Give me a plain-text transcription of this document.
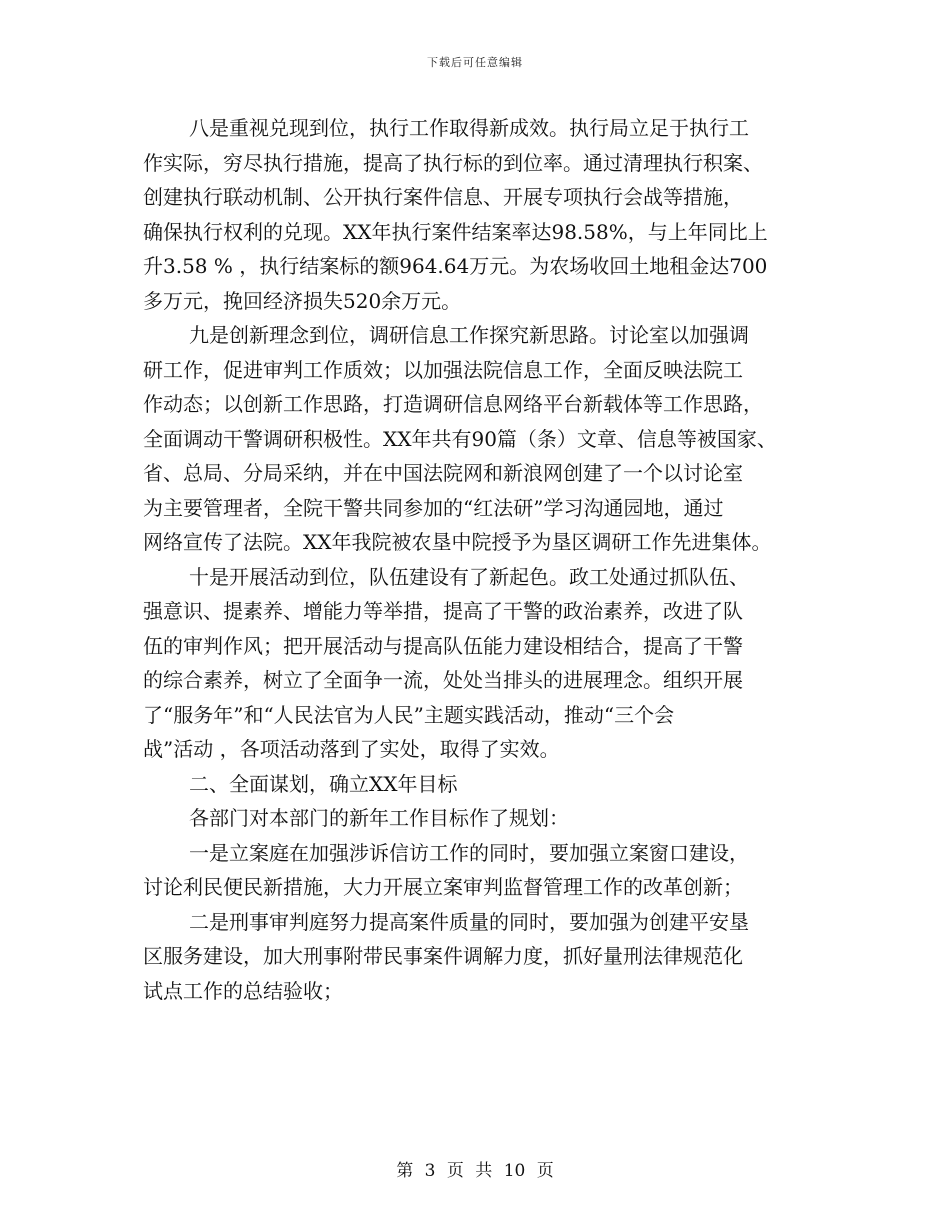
下载后可任意编辑
八是重视兑现到位，执行工作取得新成效。执行局立足于执行工
作实际，穷尽执行措施，提高了执行标的到位率。通过清理执行积案、
创建执行联动机制、公开执行案件信息、开展专项执行会战等措施，
确保执行权利的兑现。XX年执行案件结案率达98.58%，与上年同比上
升3.58 % ，执行结案标的额964.64万元。为农场收回土地租金达700
多万元，挽回经济损失520余万元。
九是创新理念到位，调研信息工作探究新思路。讨论室以加强调
研工作，促进审判工作质效；以加强法院信息工作，全面反映法院工
作动态；以创新工作思路，打造调研信息网络平台新载体等工作思路，
全面调动干警调研积极性。XX年共有90篇（条）文章、信息等被国家、
省、总局、分局采纳，并在中国法院网和新浪网创建了一个以讨论室
为主要管理者，全院干警共同参加的“红法研”学习沟通园地，通过
网络宣传了法院。XX年我院被农垦中院授予为垦区调研工作先进集体。
十是开展活动到位，队伍建设有了新起色。政工处通过抓队伍、
强意识、提素养、增能力等举措，提高了干警的政治素养，改进了队
伍的审判作风；把开展活动与提高队伍能力建设相结合，提高了干警
的综合素养，树立了全面争一流，处处当排头的进展理念。组织开展
了“服务年”和“人民法官为人民”主题实践活动，推动“三个会
战”活动 ，各项活动落到了实处，取得了实效。
二、全面谋划，确立XX年目标
各部门对本部门的新年工作目标作了规划：
一是立案庭在加强涉诉信访工作的同时，要加强立案窗口建设，
讨论利民便民新措施，大力开展立案审判监督管理工作的改革创新；
二是刑事审判庭努力提高案件质量的同时，要加强为创建平安垦
区服务建设，加大刑事附带民事案件调解力度，抓好量刑法律规范化
试点工作的总结验收；
第 3 页 共 10 页
